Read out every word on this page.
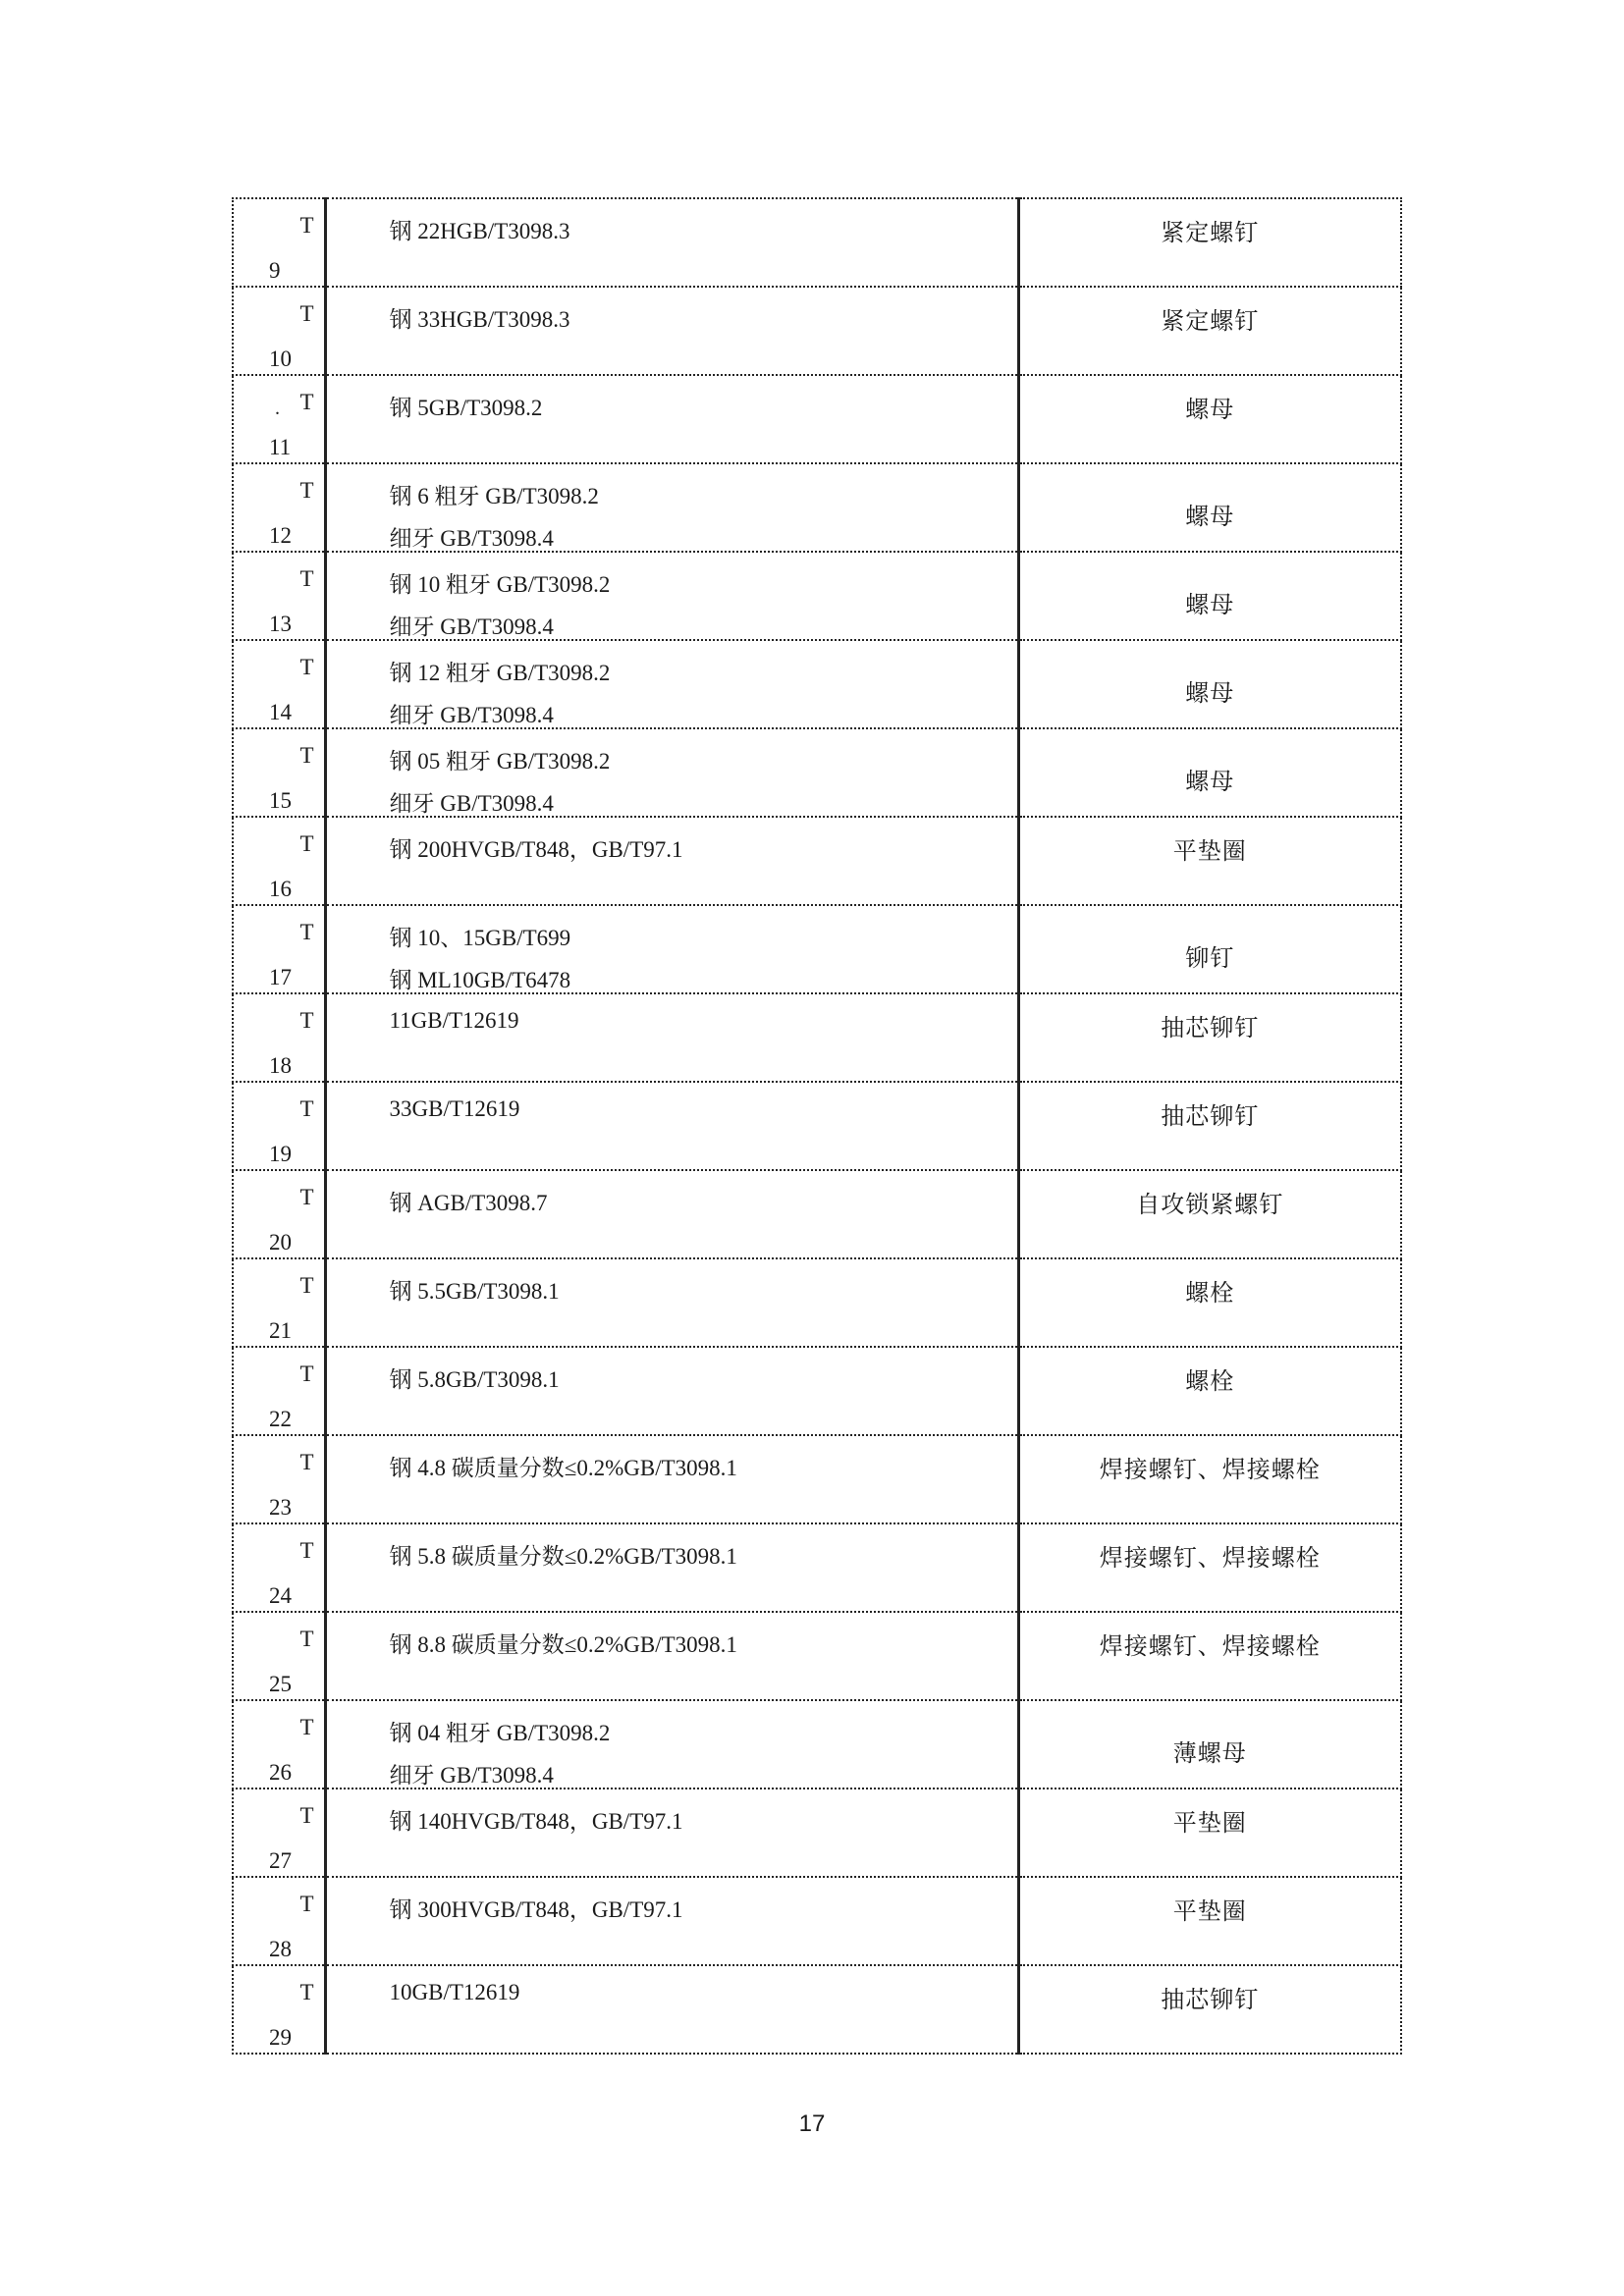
T
9	钢 22HGB/T3098.3	紧定螺钉

T
10	钢 33HGB/T3098.3	紧定螺钉

T
.
11	钢 5GB/T3098.2	螺母

T
12	钢 6 粗牙 GB/T3098.2
细牙 GB/T3098.4	螺母

T
13	钢 10 粗牙 GB/T3098.2
细牙 GB/T3098.4	螺母

T
14	钢 12 粗牙 GB/T3098.2
细牙 GB/T3098.4	螺母

T
15	钢 05 粗牙 GB/T3098.2
细牙 GB/T3098.4	螺母

T
16	钢 200HVGB/T848，GB/T97.1	平垫圈

T
17	钢 10、15GB/T699
钢 ML10GB/T6478	铆钉

T
18	11GB/T12619	抽芯铆钉

T
19	33GB/T12619	抽芯铆钉

T
20	钢 AGB/T3098.7	自攻锁紧螺钉

T
21	钢 5.5GB/T3098.1	螺栓

T
22	钢 5.8GB/T3098.1	螺栓

T
23	钢 4.8 碳质量分数≤0.2%GB/T3098.1	焊接螺钉、焊接螺栓

T
24	钢 5.8 碳质量分数≤0.2%GB/T3098.1	焊接螺钉、焊接螺栓

T
25	钢 8.8 碳质量分数≤0.2%GB/T3098.1	焊接螺钉、焊接螺栓

T
26	钢 04 粗牙 GB/T3098.2
细牙 GB/T3098.4	薄螺母

T
27	钢 140HVGB/T848，GB/T97.1	平垫圈

T
28	钢 300HVGB/T848，GB/T97.1	平垫圈

T
29	10GB/T12619	抽芯铆钉
17
